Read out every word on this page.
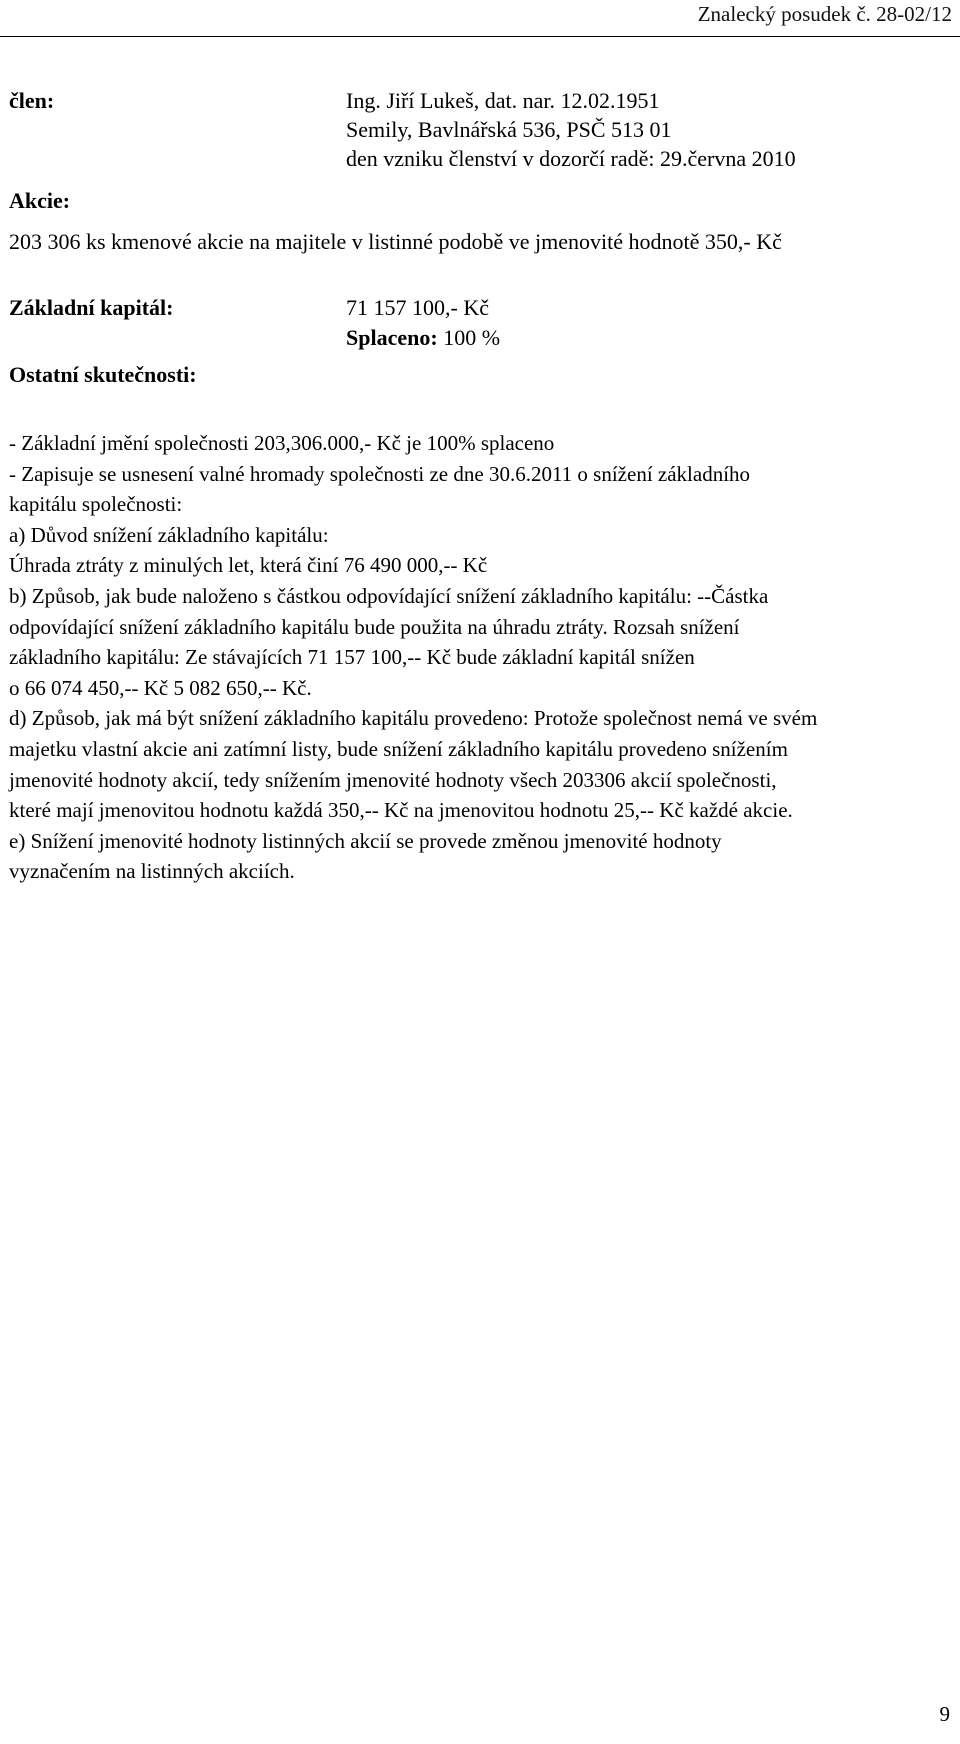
Znalecký posudek č. 28-02/12
člen:	Ing. Jiří Lukeš, dat. nar. 12.02.1951
Semily, Bavlnářská 536, PSČ 513 01
den vzniku členství v dozorčí radě: 29.června 2010
Akcie:
203 306 ks kmenové akcie na majitele v listinné podobě ve jmenovité hodnotě 350,- Kč
Základní kapitál:	71 157 100,- Kč
Splaceno: 100 %
Ostatní skutečnosti:
- Základní jmění společnosti 203,306.000,- Kč je 100% splaceno
- Zapisuje se usnesení valné hromady společnosti ze dne 30.6.2011 o snížení základního
kapitálu společnosti:
a) Důvod snížení základního kapitálu:
Úhrada ztráty z minulých let, která činí 76 490 000,-- Kč
b) Způsob, jak bude naloženo s částkou odpovídající snížení základního kapitálu: --Částka
odpovídající snížení základního kapitálu bude použita na úhradu ztráty. Rozsah snížení
základního kapitálu: Ze stávajících 71 157 100,-- Kč bude základní kapitál snížen
o 66 074 450,-- Kč 5 082 650,-- Kč.
d) Způsob, jak má být snížení základního kapitálu provedeno: Protože společnost nemá ve svém
majetku vlastní akcie ani zatímní listy, bude snížení základního kapitálu provedeno snížením
jmenovité hodnoty akcií, tedy snížením jmenovité hodnoty všech 203306 akcií společnosti,
které mají jmenovitou hodnotu každá 350,-- Kč na jmenovitou hodnotu 25,-- Kč každé akcie.
e) Snížení jmenovité hodnoty listinných akcií se provede změnou jmenovité hodnoty
vyznačením na listinných akciích.
9
